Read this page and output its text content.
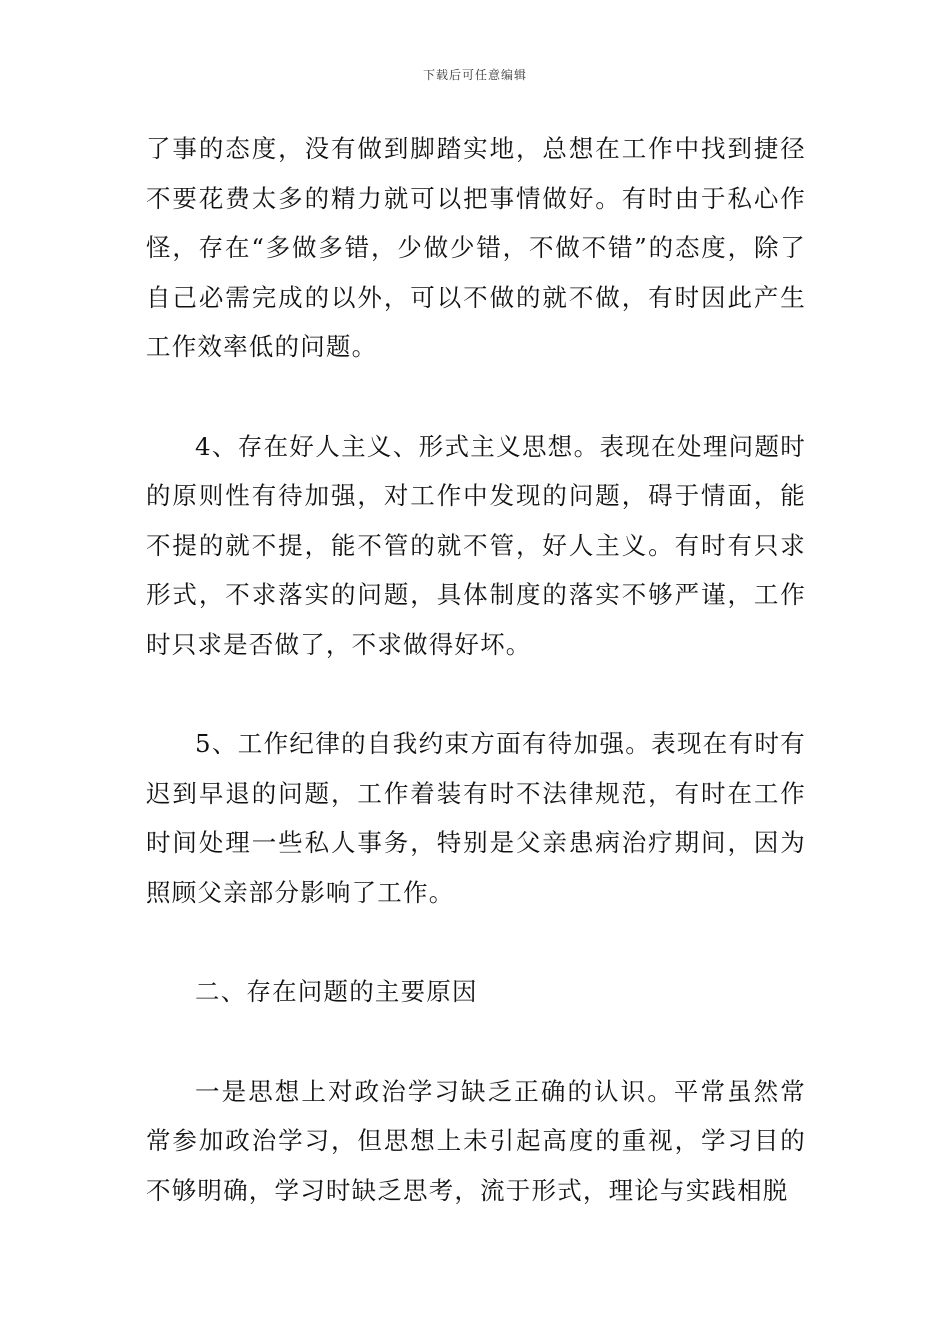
下载后可任意编辑

了事的态度，没有做到脚踏实地，总想在工作中找到捷径不要花费太多的精力就可以把事情做好。有时由于私心作怪，存在“多做多错，少做少错，不做不错”的态度，除了自己必需完成的以外，可以不做的就不做，有时因此产生工作效率低的问题。

4、存在好人主义、形式主义思想。表现在处理问题时的原则性有待加强，对工作中发现的问题，碍于情面，能不提的就不提，能不管的就不管，好人主义。有时有只求形式，不求落实的问题，具体制度的落实不够严谨，工作时只求是否做了，不求做得好坏。

5、工作纪律的自我约束方面有待加强。表现在有时有迟到早退的问题，工作着装有时不法律规范，有时在工作时间处理一些私人事务，特别是父亲患病治疗期间，因为照顾父亲部分影响了工作。

二、存在问题的主要原因

一是思想上对政治学习缺乏正确的认识。平常虽然常常参加政治学习，但思想上未引起高度的重视，学习目的不够明确，学习时缺乏思考，流于形式，理论与实践相脱
